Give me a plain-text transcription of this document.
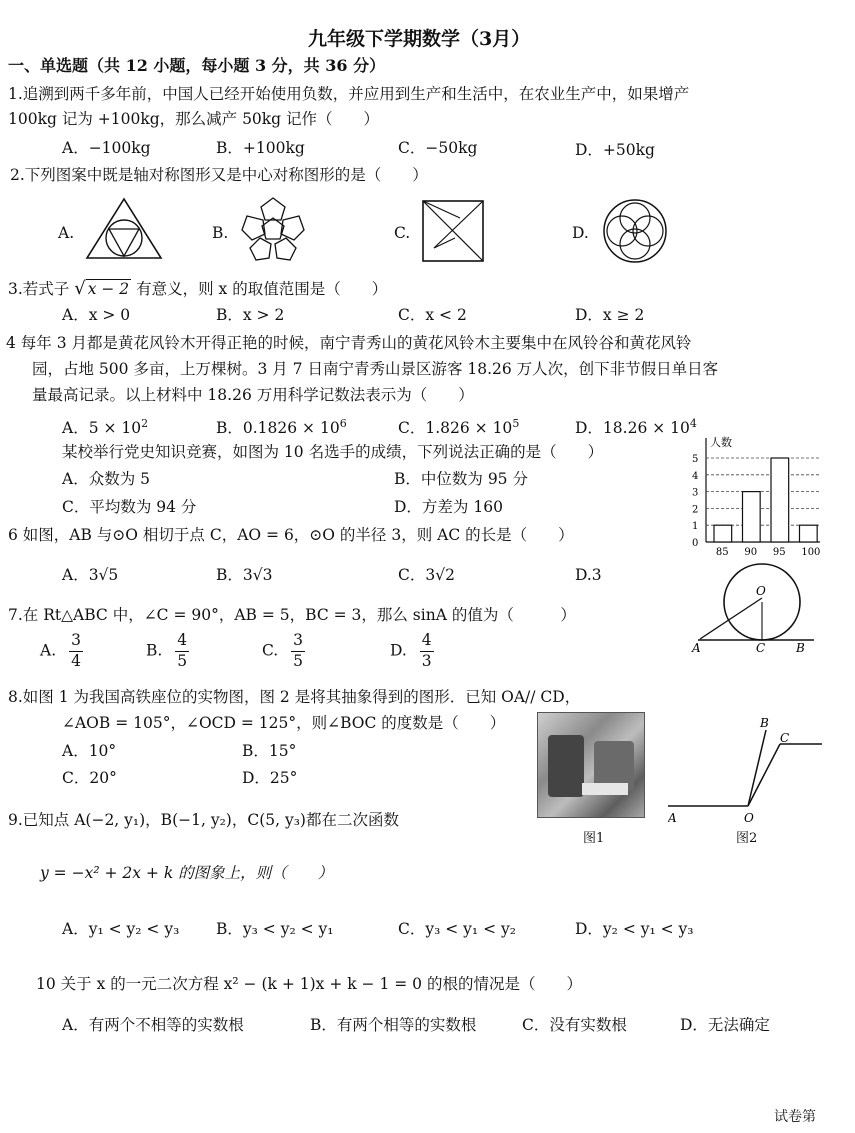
九年级下学期数学（3月）
一、单选题（共 12 小题，每小题 3 分，共 36 分）
1.追溯到两千多年前，中国人已经开始使用负数，并应用到生产和生活中，在农业生产中，如果增产
100kg 记为 +100kg，那么减产 50kg 记作（　　）
A．−100kg	B．+100kg	C．−50kg	D．+50kg
2.下列图案中既是轴对称图形又是中心对称图形的是（　　）
A.	B.	C.	D.
3.若式子 √ x − 2 有意义，则 x 的取值范围是（　　）
A．x > 0	B．x > 2	C．x < 2	D．x ≥ 2
4 每年 3 月都是黄花风铃木开得正艳的时候，南宁青秀山的黄花风铃木主要集中在风铃谷和黄花风铃
园，占地 500 多亩，上万棵树。3 月 7 日南宁青秀山景区游客 18.26 万人次，创下非节假日单日客
量最高记录。以上材料中 18.26 万用科学记数法表示为（　　）
A．$5 \times 10^2$	B．$0.1826 \times 10^6$	C．$1.826 \times 10^5$	D．$18.26 \times 10^4$
某校举行党史知识竞赛，如图为 10 名选手的成绩，下列说法正确的是（　　）
A．众数为 5	B．中位数为 95 分
C．平均数为 94 分	D．方差为 160
人数
0
1
2
3
4
5
85 90 95 100
6 如图，AB 与⊙O 相切于点 C，AO = 6，⊙O 的半径 3，则 AC 的长是（　　）
A．3√5	B．3√3	C．3√2	D.3
O
A	C	B
7.在 Rt△ABC 中，∠C = 90°，AB = 5，BC = 3，那么 sinA 的值为（　　　）
A. $\frac{3}{4}$	B. $\frac{4}{5}$	C. $\frac{3}{5}$	D. $\frac{4}{3}$
8.如图 1 为我国高铁座位的实物图，图 2 是将其抽象得到的图形．已知 OA// CD，
∠AOB = 105°，∠OCD = 125°，则∠BOC 的度数是（　　）
A．10°	B．15°
C．20°	D．25°
图1
B
C
A	O
图2
9.已知点 A(−2, y₁)，B(−1, y₂)，C(5, y₃)都在二次函数
y = −x² + 2x + k 的图象上，则（　　）
A．y₁ < y₂ < y₃ B．y₃ < y₂ < y₁	C．y₃ < y₁ < y₂	D．y₂ < y₁ < y₃
10 关于 x 的一元二次方程 x² − (k + 1)x + k − 1 = 0 的根的情况是（　　）
A．有两个不相等的实数根	B．有两个相等的实数根	C．没有实数根	D．无法确定
试卷第
